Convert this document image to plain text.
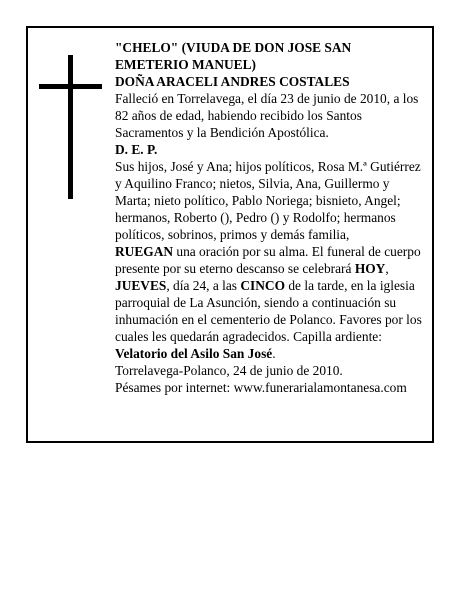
"CHELO" (VIUDA DE DON JOSE SAN EMETERIO MANUEL)

DOÑA ARACELI ANDRES COSTALES

Falleció en Torrelavega, el día 23 de junio de 2010, a los 82 años de edad, habiendo recibido los Santos Sacramentos y la Bendición Apostólica.

D. E. P.

Sus hijos, José y Ana; hijos políticos, Rosa M.ª Gutiérrez y Aquilino Franco; nietos, Silvia, Ana, Guillermo y Marta; nieto político, Pablo Noriega; bisnieto, Angel; hermanos, Roberto (), Pedro () y Rodolfo; hermanos políticos, sobrinos, primos y demás familia,

RUEGAN una oración por su alma. El funeral de cuerpo presente por su eterno descanso se celebrará HOY, JUEVES, día 24, a las CINCO de la tarde, en la iglesia parroquial de La Asunción, siendo a continuación su inhumación en el cementerio de Polanco. Favores por los cuales les quedarán agradecidos. Capilla ardiente: Velatorio del Asilo San José.

Torrelavega-Polanco, 24 de junio de 2010.

Pésames por internet: www.funerarialamontanesa.com
